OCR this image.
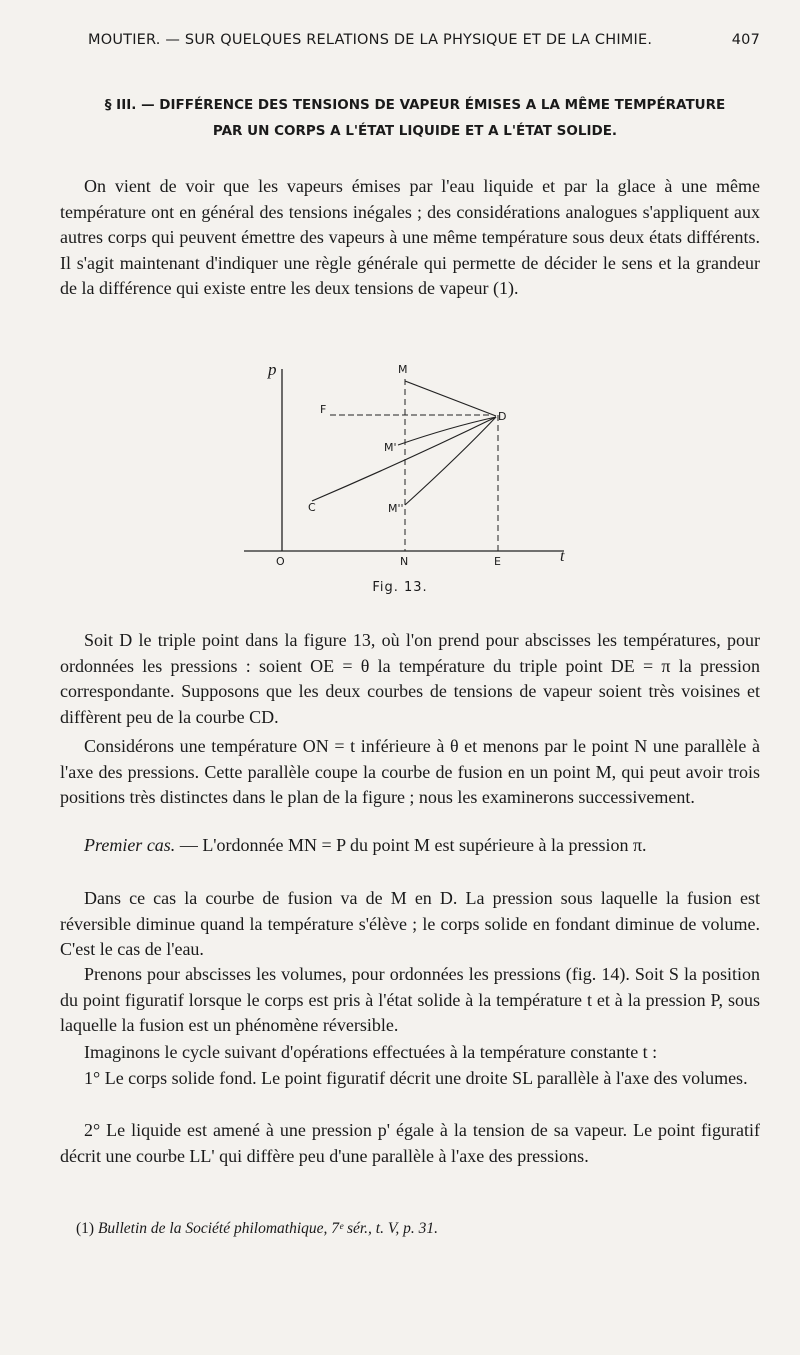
MOUTIER. — SUR QUELQUES RELATIONS DE LA PHYSIQUE ET DE LA CHIMIE.	407
§ III. — DIFFÉRENCE DES TENSIONS DE VAPEUR ÉMISES A LA MÊME TEMPÉRATURE
PAR UN CORPS A L'ÉTAT LIQUIDE ET A L'ÉTAT SOLIDE.
On vient de voir que les vapeurs émises par l'eau liquide et par la glace à une même température ont en général des tensions inégales ; des considérations analogues s'appliquent aux autres corps qui peuvent émettre des vapeurs à une même température sous deux états différents. Il s'agit maintenant d'indiquer une règle générale qui permette de décider le sens et la grandeur de la différence qui existe entre les deux tensions de vapeur (1).
p	M
F
D
M'
C	M''
O	N	E	t
Fig. 13.
Soit D le triple point dans la figure 13, où l'on prend pour abscisses les températures, pour ordonnées les pressions : soient OE = θ la température du triple point DE = π la pression correspondante. Supposons que les deux courbes de tensions de vapeur soient très voisines et diffèrent peu de la courbe CD.
Considérons une température ON = t inférieure à θ et menons par le point N une parallèle à l'axe des pressions. Cette parallèle coupe la courbe de fusion en un point M, qui peut avoir trois positions très distinctes dans le plan de la figure ; nous les examinerons successivement.
Premier cas. — L'ordonnée MN = P du point M est supérieure à la pression π.
Dans ce cas la courbe de fusion va de M en D. La pression sous laquelle la fusion est réversible diminue quand la température s'élève ; le corps solide en fondant diminue de volume. C'est le cas de l'eau.
Prenons pour abscisses les volumes, pour ordonnées les pressions (fig. 14). Soit S la position du point figuratif lorsque le corps est pris à l'état solide à la température t et à la pression P, sous laquelle la fusion est un phénomène réversible.
Imaginons le cycle suivant d'opérations effectuées à la température constante t :
1° Le corps solide fond. Le point figuratif décrit une droite SL parallèle à l'axe des volumes.
2° Le liquide est amené à une pression p' égale à la tension de sa vapeur. Le point figuratif décrit une courbe LL' qui diffère peu d'une parallèle à l'axe des pressions.
(1) Bulletin de la Société philomathique, 7ᵉ sér., t. V, p. 31.
